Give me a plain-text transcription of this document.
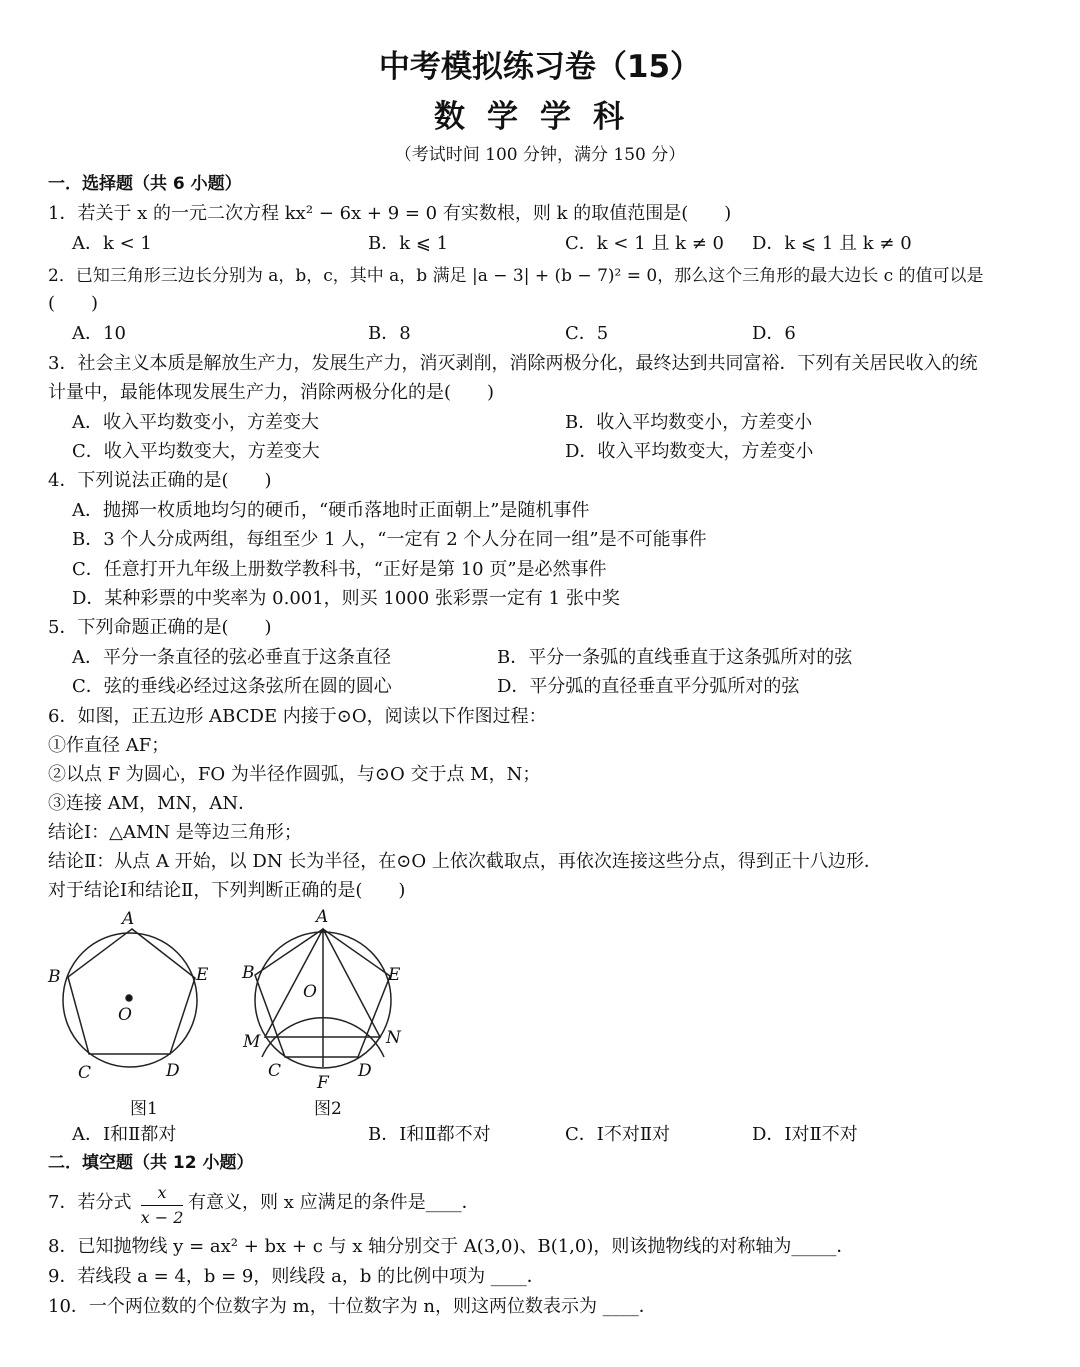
中考模拟练习卷（15）
数学学科
（考试时间 100 分钟，满分 150 分）
一．选择题（共 6 小题）
1．若关于 x 的一元二次方程 kx² − 6x + 9 = 0 有实数根，则 k 的取值范围是(　　)
A．k < 1	B．k ⩽ 1	C．k < 1 且 k ≠ 0 D．k ⩽ 1 且 k ≠ 0
2．已知三角形三边长分别为 a，b，c，其中 a，b 满足 |a − 3| + (b − 7)² = 0，那么这个三角形的最大边长 c 的值可以是
(　　)
A．10	B．8	C．5	D．6
3．社会主义本质是解放生产力，发展生产力，消灭剥削，消除两极分化，最终达到共同富裕．下列有关居民收入的统
计量中，最能体现发展生产力，消除两极分化的是(　　)
A．收入平均数变小，方差变大	B．收入平均数变小，方差变小
C．收入平均数变大，方差变大	D．收入平均数变大，方差变小
4．下列说法正确的是(　　)
A．抛掷一枚质地均匀的硬币，“硬币落地时正面朝上”是随机事件
B．3 个人分成两组，每组至少 1 人，“一定有 2 个人分在同一组”是不可能事件
C．任意打开九年级上册数学教科书，“正好是第 10 页”是必然事件
D．某种彩票的中奖率为 0.001，则买 1000 张彩票一定有 1 张中奖
5．下列命题正确的是(　　)
A．平分一条直径的弦必垂直于这条直径	B．平分一条弧的直线垂直于这条弧所对的弦
C．弦的垂线必经过这条弦所在圆的圆心	D．平分弧的直径垂直平分弧所对的弦
6．如图，正五边形 ABCDE 内接于⊙O，阅读以下作图过程：
①作直径 AF；
②以点 F 为圆心，FO 为半径作圆弧，与⊙O 交于点 M，N；
③连接 AM，MN，AN．
结论Ⅰ：△AMN 是等边三角形；
结论Ⅱ：从点 A 开始，以 DN 长为半径，在⊙O 上依次截取点，再依次连接这些分点，得到正十八边形．
对于结论Ⅰ和结论Ⅱ，下列判断正确的是(　　)
A
B	E
O
C	D
图1
A
B	E
O
M	N
C	D
F
图2
A．Ⅰ和Ⅱ都对	B．Ⅰ和Ⅱ都不对	C．Ⅰ不对Ⅱ对	D．Ⅰ对Ⅱ不对
二．填空题（共 12 小题）
7．若分式	x
x − 2
有意义，则 x 应满足的条件是____．
8．已知抛物线 y = ax² + bx + c 与 x 轴分别交于 A(3,0)、B(1,0)，则该抛物线的对称轴为_____．
9．若线段 a = 4，b = 9，则线段 a，b 的比例中项为 ____．
10．一个两位数的个位数字为 m，十位数字为 n，则这两位数表示为 ____．
